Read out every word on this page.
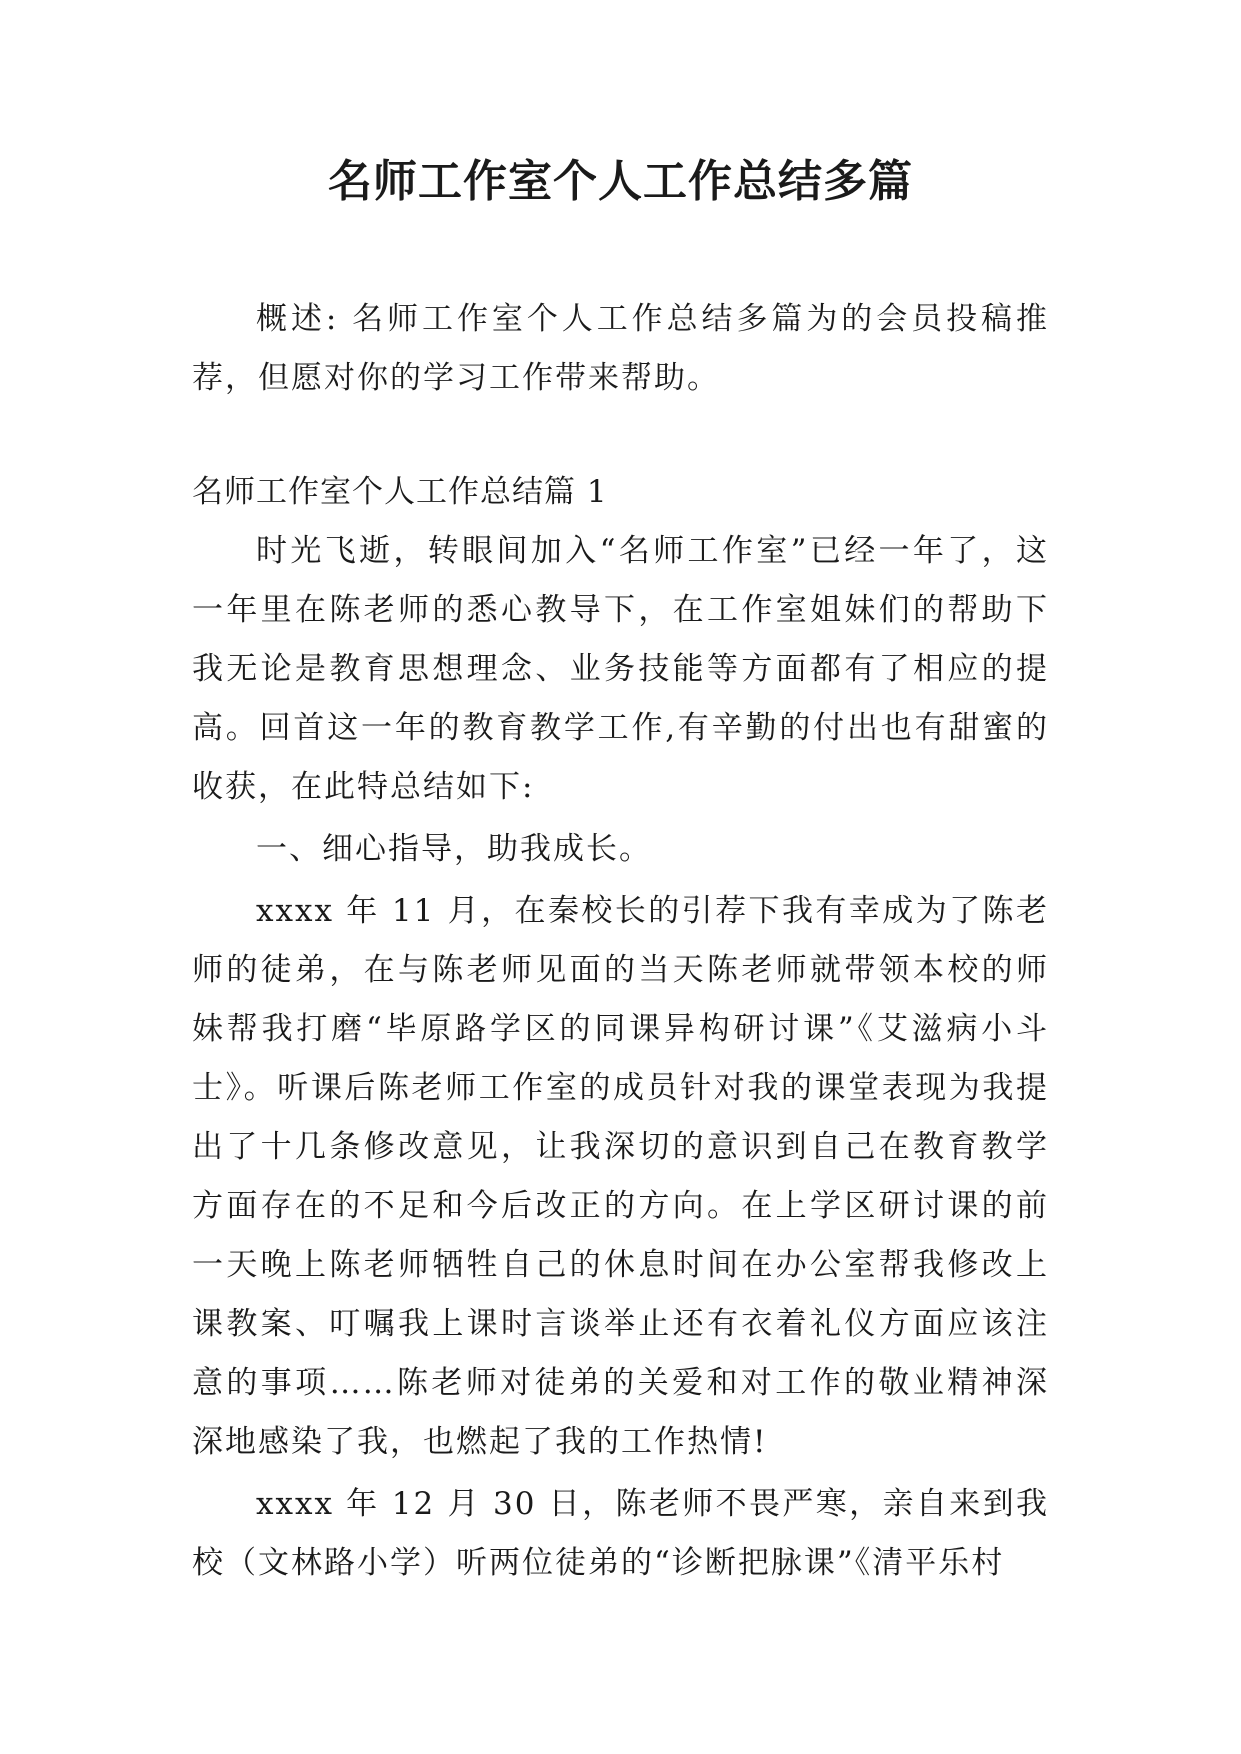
名师工作室个人工作总结多篇

概述: 名师工作室个人工作总结多篇为的会员投稿推荐，但愿对你的学习工作带来帮助。

名师工作室个人工作总结篇 1

时光飞逝，转眼间加入“名师工作室”已经一年了，这一年里在陈老师的悉心教导下，在工作室姐妹们的帮助下我无论是教育思想理念、业务技能等方面都有了相应的提高。回首这一年的教育教学工作,有辛勤的付出也有甜蜜的收获，在此特总结如下:

一、细心指导，助我成长。

xxxx 年 11 月，在秦校长的引荐下我有幸成为了陈老师的徒弟，在与陈老师见面的当天陈老师就带领本校的师妹帮我打磨“毕原路学区的同课异构研讨课”《艾滋病小斗士》。听课后陈老师工作室的成员针对我的课堂表现为我提出了十几条修改意见，让我深切的意识到自己在教育教学方面存在的不足和今后改正的方向。在上学区研讨课的前一天晚上陈老师牺牲自己的休息时间在办公室帮我修改上课教案、叮嘱我上课时言谈举止还有衣着礼仪方面应该注意的事项……陈老师对徒弟的关爱和对工作的敬业精神深深地感染了我，也燃起了我的工作热情!

xxxx 年 12 月 30 日，陈老师不畏严寒，亲自来到我校（文林路小学）听两位徒弟的“诊断把脉课”《清平乐村
